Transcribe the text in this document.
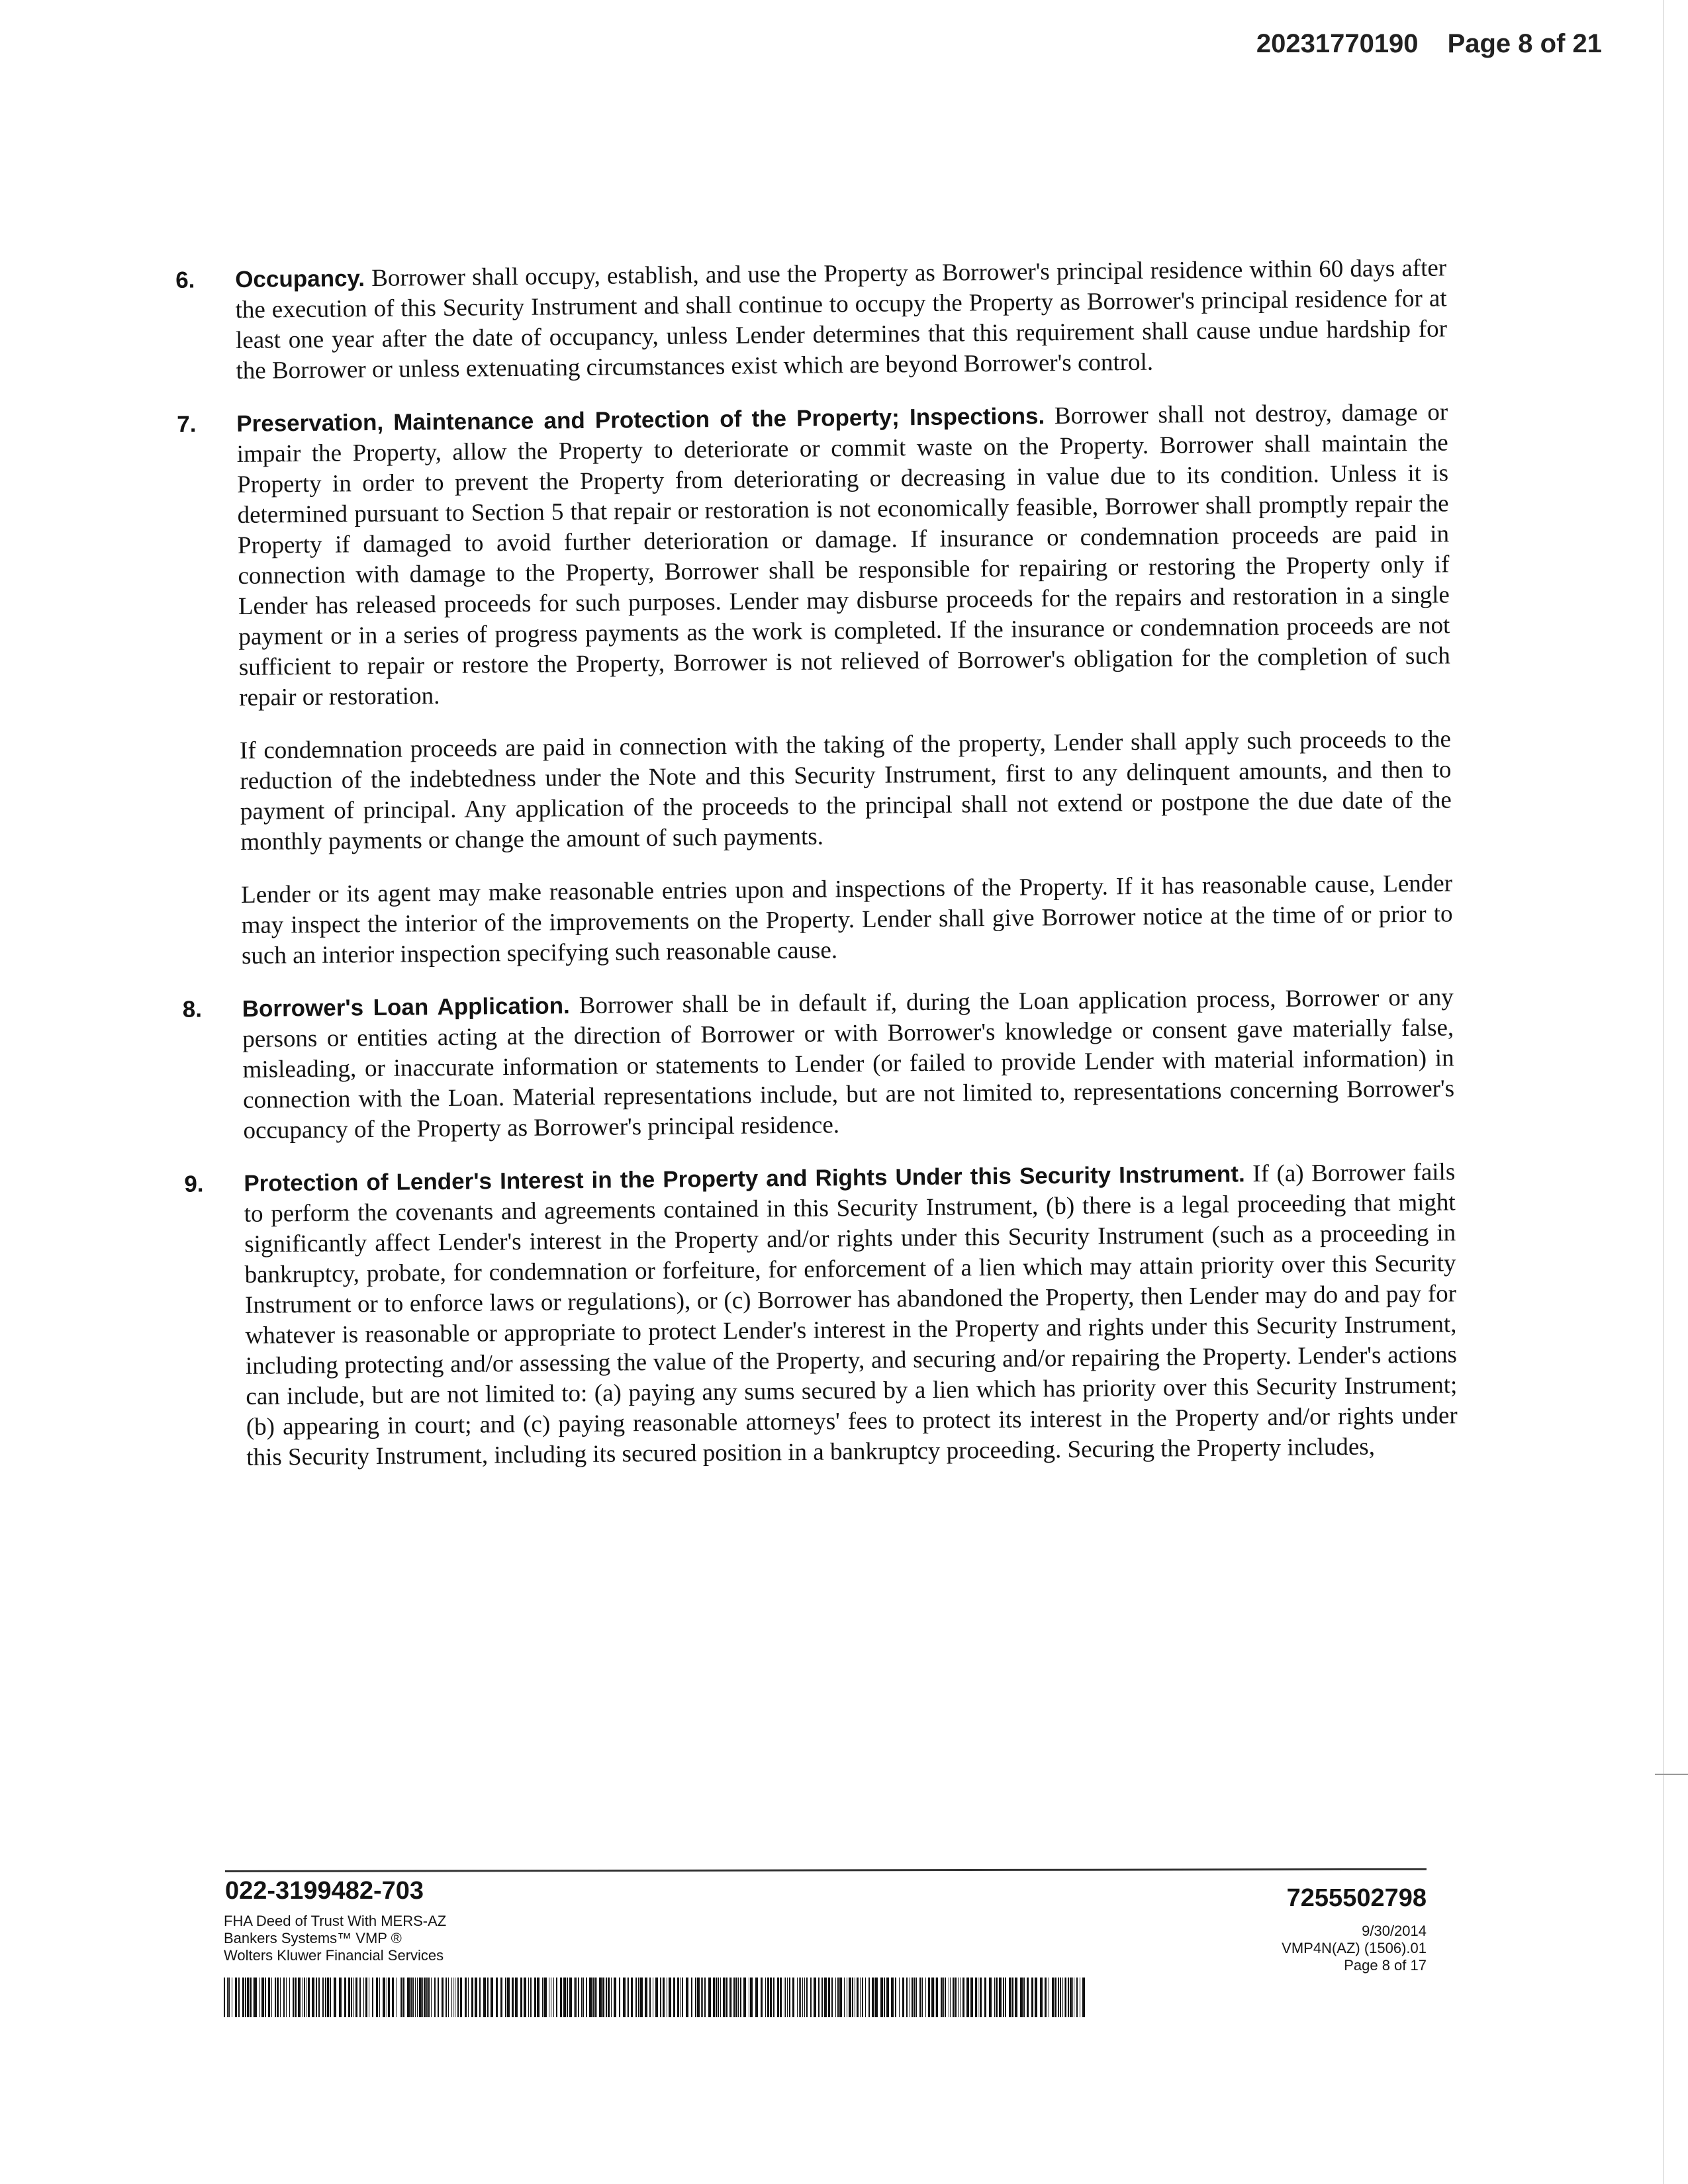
20231770190 Page 8 of 21
6. Occupancy. Borrower shall occupy, establish, and use the Property as Borrower's principal residence within 60 days after the execution of this Security Instrument and shall continue to occupy the Property as Borrower's principal residence for at least one year after the date of occupancy, unless Lender determines that this requirement shall cause undue hardship for the Borrower or unless extenuating circumstances exist which are beyond Borrower's control.

7. Preservation, Maintenance and Protection of the Property; Inspections. Borrower shall not destroy, damage or impair the Property, allow the Property to deteriorate or commit waste on the Property. Borrower shall maintain the Property in order to prevent the Property from deteriorating or decreasing in value due to its condition. Unless it is determined pursuant to Section 5 that repair or restoration is not economically feasible, Borrower shall promptly repair the Property if damaged to avoid further deterioration or damage. If insurance or condemnation proceeds are paid in connection with damage to the Property, Borrower shall be responsible for repairing or restoring the Property only if Lender has released proceeds for such purposes. Lender may disburse proceeds for the repairs and restoration in a single payment or in a series of progress payments as the work is completed. If the insurance or condemnation proceeds are not sufficient to repair or restore the Property, Borrower is not relieved of Borrower's obligation for the completion of such repair or restoration.

If condemnation proceeds are paid in connection with the taking of the property, Lender shall apply such proceeds to the reduction of the indebtedness under the Note and this Security Instrument, first to any delinquent amounts, and then to payment of principal. Any application of the proceeds to the principal shall not extend or postpone the due date of the monthly payments or change the amount of such payments.

Lender or its agent may make reasonable entries upon and inspections of the Property. If it has reasonable cause, Lender may inspect the interior of the improvements on the Property. Lender shall give Borrower notice at the time of or prior to such an interior inspection specifying such reasonable cause.

8. Borrower's Loan Application. Borrower shall be in default if, during the Loan application process, Borrower or any persons or entities acting at the direction of Borrower or with Borrower's knowledge or consent gave materially false, misleading, or inaccurate information or statements to Lender (or failed to provide Lender with material information) in connection with the Loan. Material representations include, but are not limited to, representations concerning Borrower's occupancy of the Property as Borrower's principal residence.

9. Protection of Lender's Interest in the Property and Rights Under this Security Instrument. If (a) Borrower fails to perform the covenants and agreements contained in this Security Instrument, (b) there is a legal proceeding that might significantly affect Lender's interest in the Property and/or rights under this Security Instrument (such as a proceeding in bankruptcy, probate, for condemnation or forfeiture, for enforcement of a lien which may attain priority over this Security Instrument or to enforce laws or regulations), or (c) Borrower has abandoned the Property, then Lender may do and pay for whatever is reasonable or appropriate to protect Lender's interest in the Property and rights under this Security Instrument, including protecting and/or assessing the value of the Property, and securing and/or repairing the Property. Lender's actions can include, but are not limited to: (a) paying any sums secured by a lien which has priority over this Security Instrument; (b) appearing in court; and (c) paying reasonable attorneys' fees to protect its interest in the Property and/or rights under this Security Instrument, including its secured position in a bankruptcy proceeding. Securing the Property includes,

022-3199482-703	7255502798
FHA Deed of Trust With MERS-AZ
Bankers Systems™ VMP ®
Wolters Kluwer Financial Services
9/30/2014
VMP4N(AZ) (1506).01
Page 8 of 17
